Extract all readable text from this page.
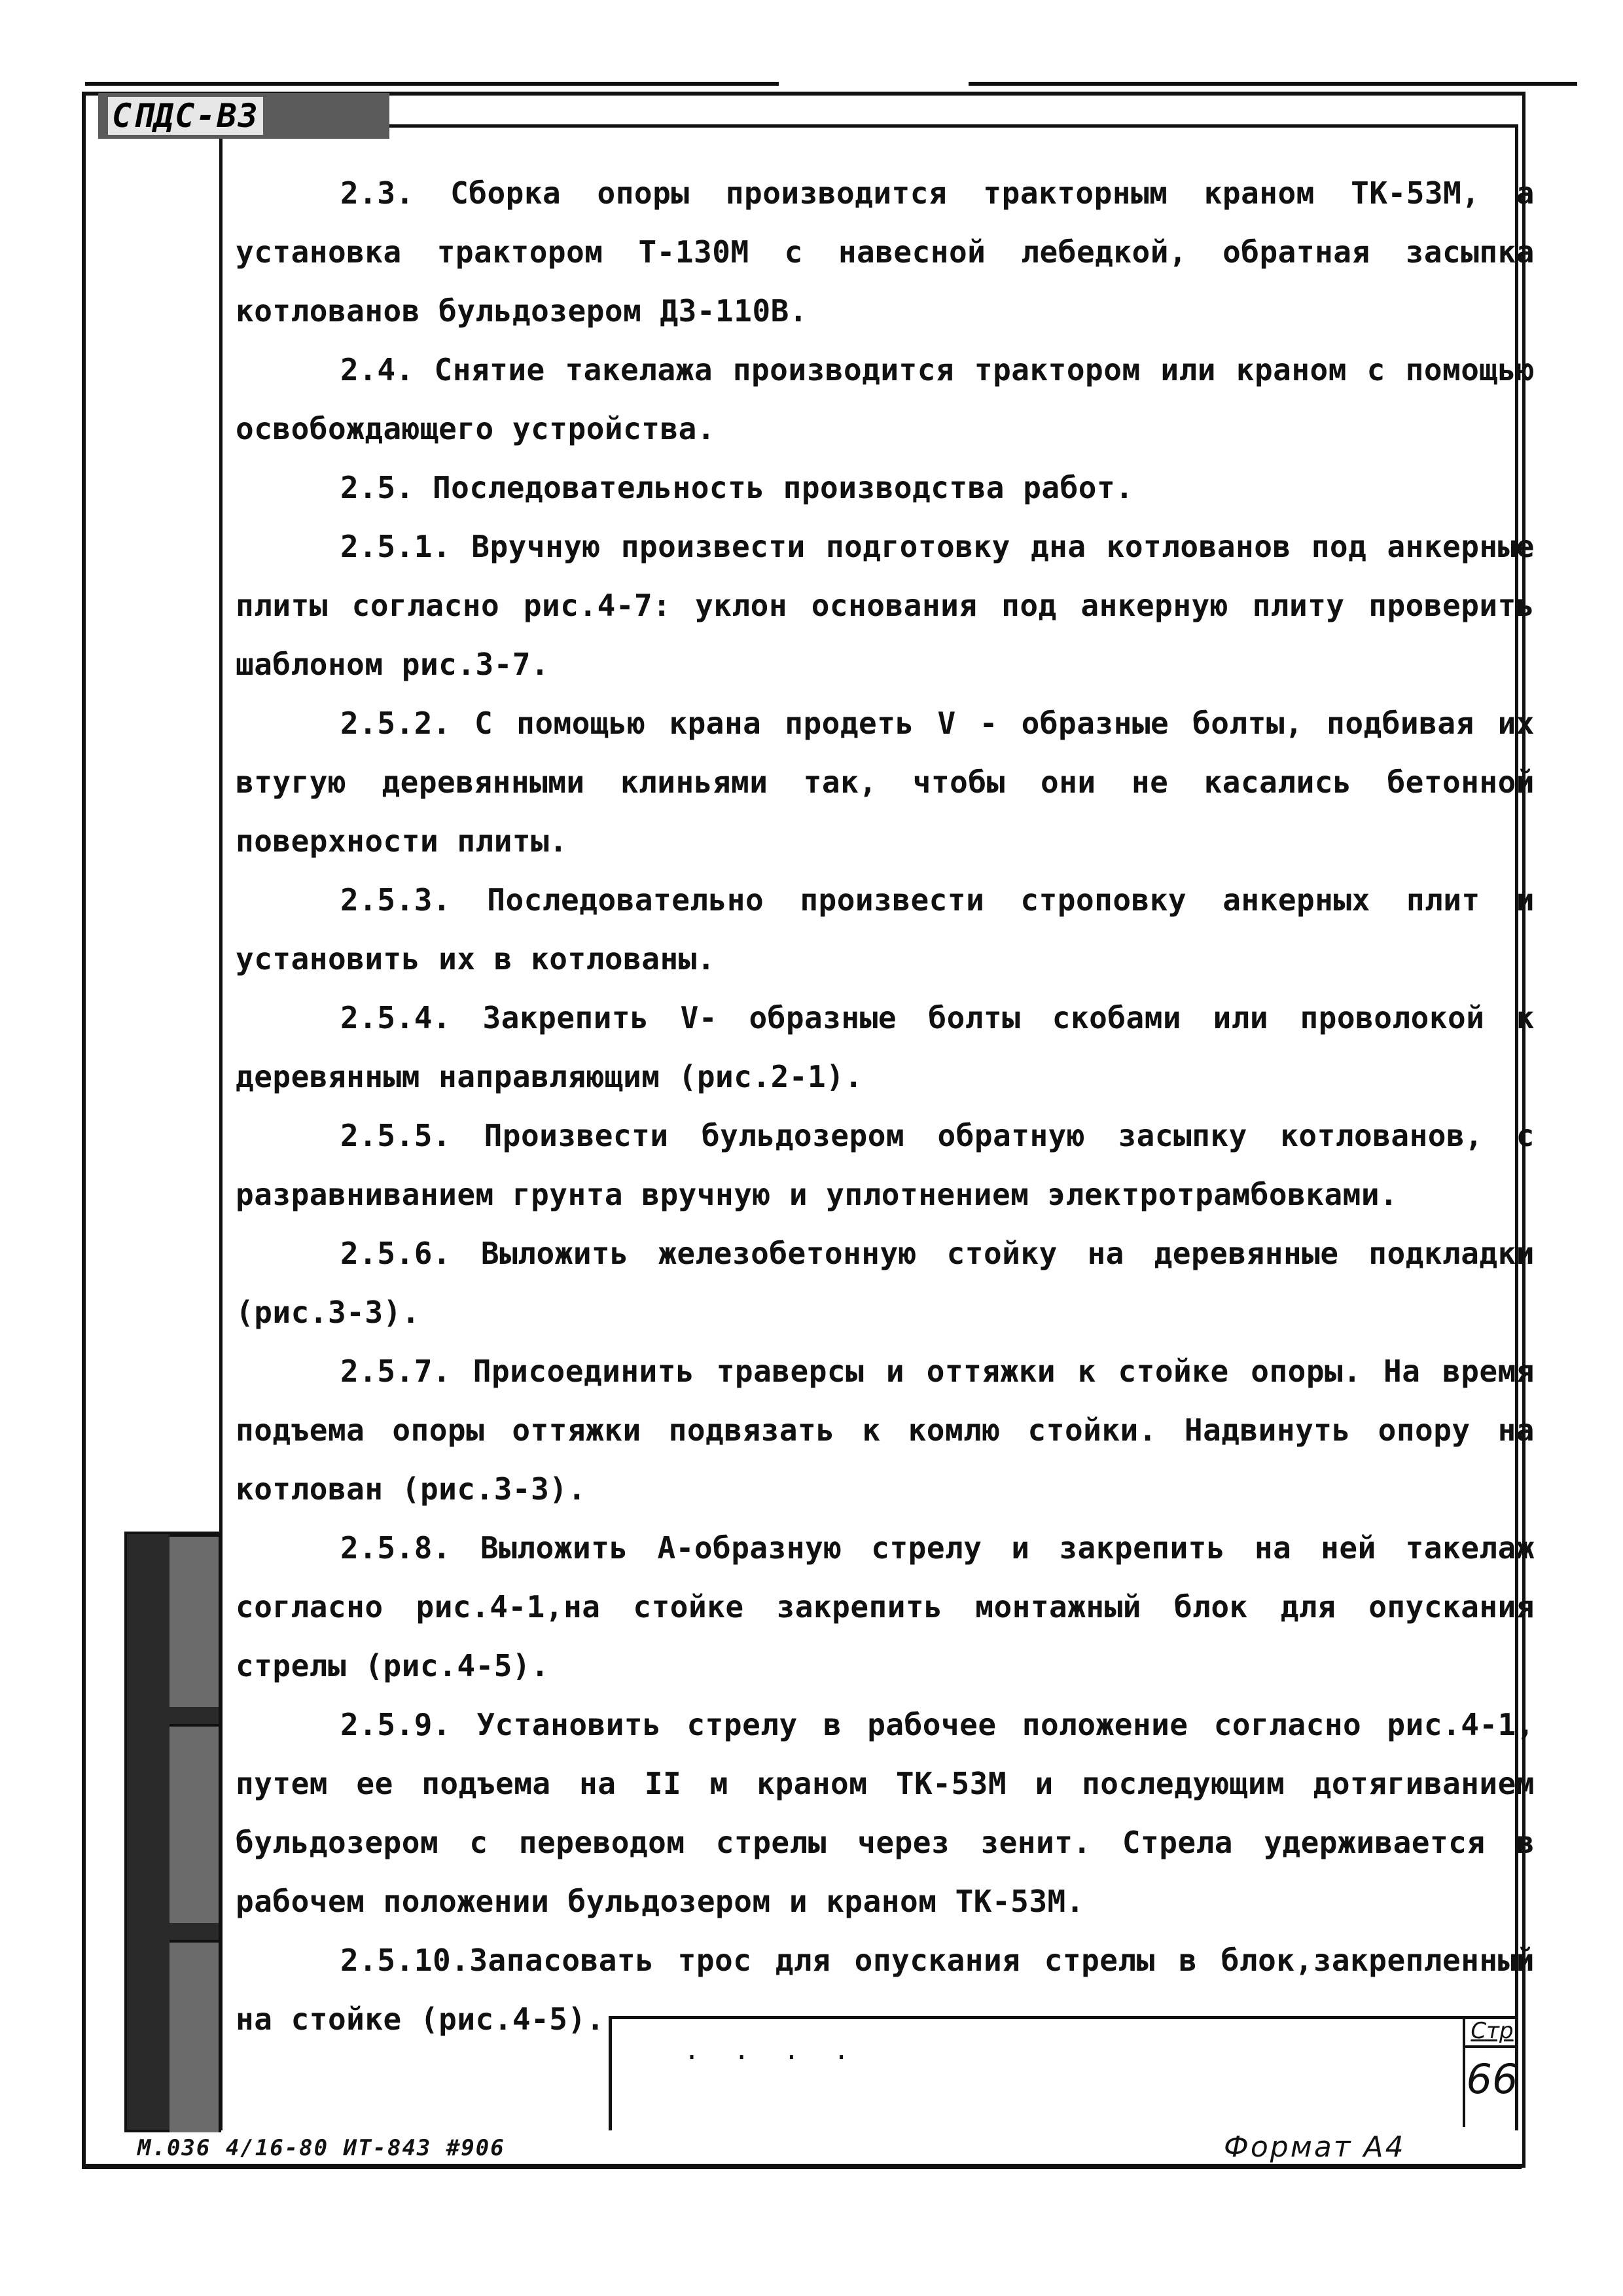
СПДС-ВЗ

2.3. Сборка опоры производится тракторным краном ТК-53М, а установка трактором Т-130М с навесной лебедкой, обратная засыпка котлованов бульдозером ДЗ-110В.

2.4. Снятие такелажа производится трактором или краном с помощью освобождающего устройства.

2.5. Последовательность производства работ.

2.5.1. Вручную произвести подготовку дна котлованов под анкерные плиты согласно рис.4-7: уклон основания под анкерную плиту проверить шаблоном рис.3-7.

2.5.2. С помощью крана продеть V - образные болты, подбивая их втугую деревянными клиньями так, чтобы они не касались бетонной поверхности плиты.

2.5.3. Последовательно произвести строповку анкерных плит и установить их в котлованы.

2.5.4. Закрепить V- образные болты скобами или проволокой к деревянным направляющим (рис.2-1).

2.5.5. Произвести бульдозером обратную засыпку котлованов, с разравниванием грунта вручную и уплотнением электротрамбовками.

2.5.6. Выложить железобетонную стойку на деревянные подкладки (рис.3-3).

2.5.7. Присоединить траверсы и оттяжки к стойке опоры. На время подъема опоры оттяжки подвязать к комлю стойки. Надвинуть опору на котлован (рис.3-3).

2.5.8. Выложить А-образную стрелу и закрепить на ней такелаж согласно рис.4-1,на стойке закрепить монтажный блок для опускания стрелы (рис.4-5).

2.5.9. Установить стрелу в рабочее положение согласно рис.4-1, путем ее подъема на II м краном ТК-53М и последующим дотягиванием бульдозером с переводом стрелы через зенит. Стрела удерживается в рабочем положении бульдозером и краном ТК-53М.

2.5.10.Запасовать трос для опускания стрелы в блок,закрепленный на стойке (рис.4-5).

. . . .
Стр
66
М.036 4/16-80 ИТ-843 #906	Формат А4
